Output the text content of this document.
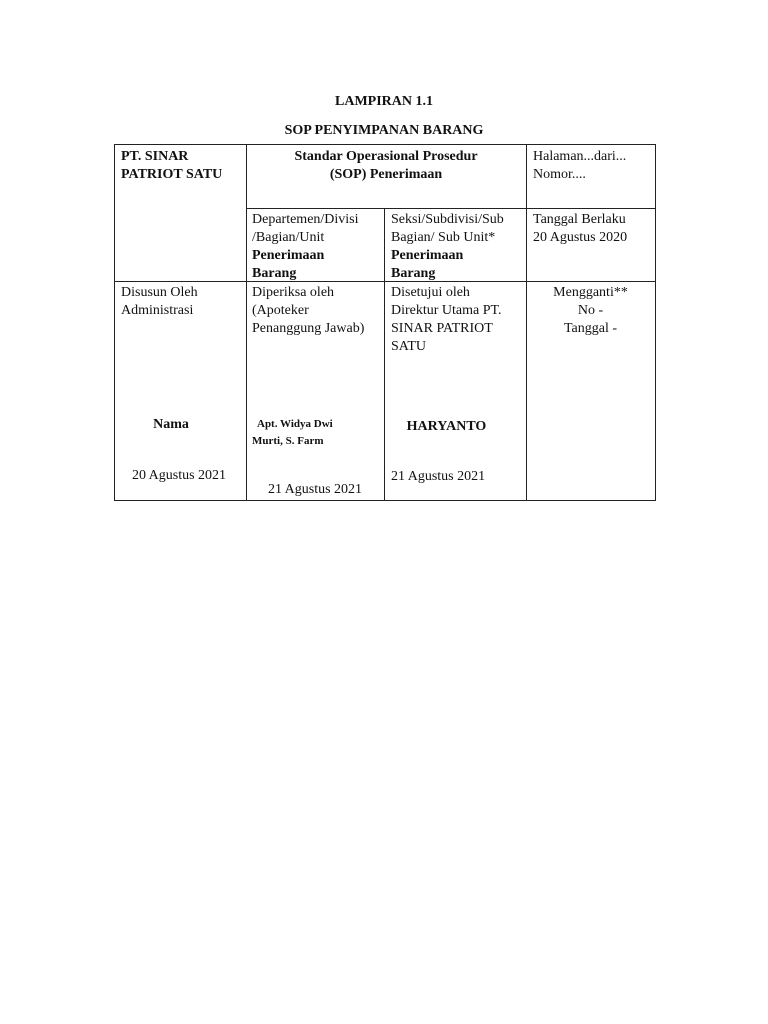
LAMPIRAN 1.1
SOP PENYIMPANAN BARANG
PT. SINAR
PATRIOT SATU
Standar Operasional Prosedur
(SOP) Penerimaan
Halaman...dari...
Nomor....
Departemen/Divisi
/Bagian/Unit
Penerimaan
Barang
Seksi/Subdivisi/Sub
Bagian/ Sub Unit*
Penerimaan
Barang
Tanggal Berlaku
20 Agustus 2020
Disusun Oleh
Administrasi
Nama
20 Agustus 2021
Diperiksa oleh
(Apoteker
Penanggung Jawab)
Apt. Widya Dwi
Murti, S. Farm
21 Agustus 2021
Disetujui oleh
Direktur Utama PT.
SINAR PATRIOT
SATU
HARYANTO
21 Agustus 2021
Mengganti**
No -
Tanggal -
